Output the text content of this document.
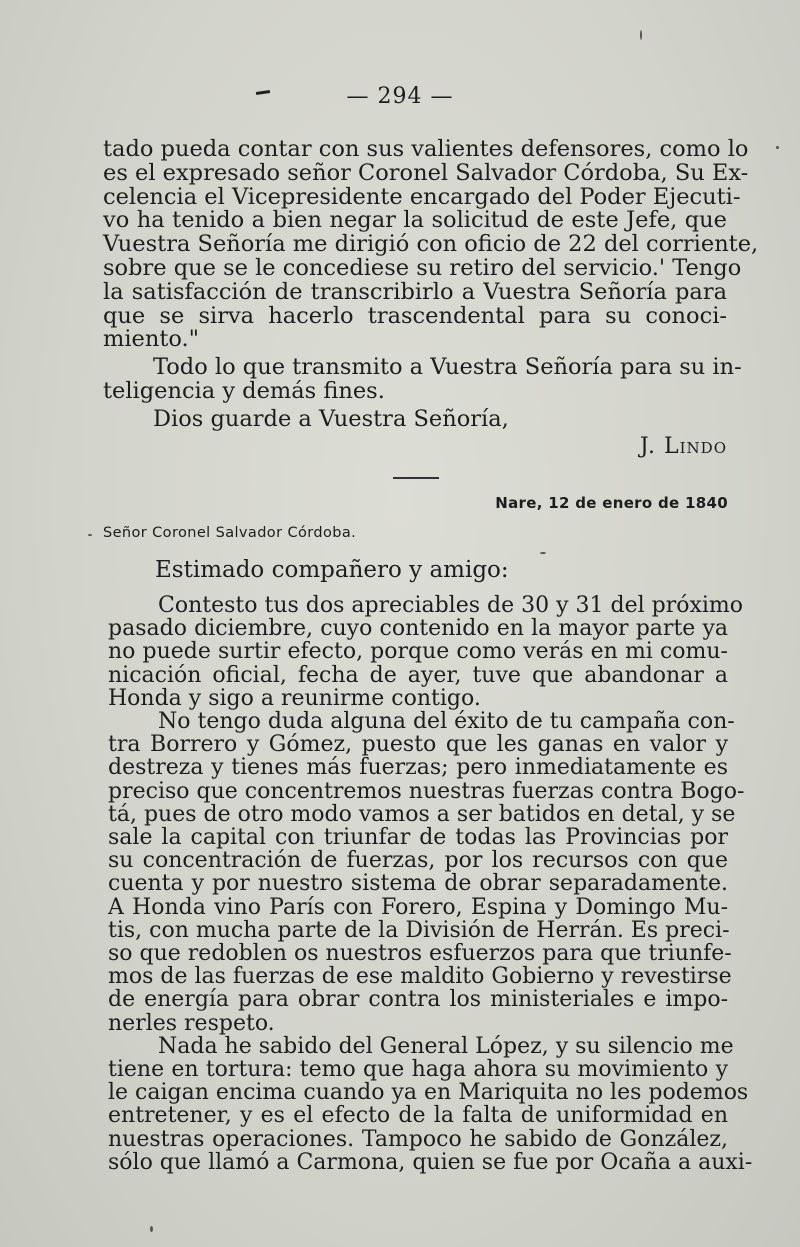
— 294 —
tado pueda contar con sus valientes defensores, como lo
es el expresado señor Coronel Salvador Córdoba, Su Ex-
celencia el Vicepresidente encargado del Poder Ejecuti-
vo ha tenido a bien negar la solicitud de este Jefe, que
Vuestra Señoría me dirigió con oficio de 22 del corriente,
sobre que se le concediese su retiro del servicio.' Tengo
la satisfacción de transcribirlo a Vuestra Señoría para
que se sirva hacerlo trascendental para su conoci-
miento."
Todo lo que transmito a Vuestra Señoría para su in-
teligencia y demás fines.
Dios guarde a Vuestra Señoría,
J. Lindo
Nare, 12 de enero de 1840
Señor Coronel Salvador Córdoba.
Estimado compañero y amigo:
Contesto tus dos apreciables de 30 y 31 del próximo
pasado diciembre, cuyo contenido en la mayor parte ya
no puede surtir efecto, porque como verás en mi comu-
nicación oficial, fecha de ayer, tuve que abandonar a
Honda y sigo a reunirme contigo.
No tengo duda alguna del éxito de tu campaña con-
tra Borrero y Gómez, puesto que les ganas en valor y
destreza y tienes más fuerzas; pero inmediatamente es
preciso que concentremos nuestras fuerzas contra Bogo-
tá, pues de otro modo vamos a ser batidos en detal, y se
sale la capital con triunfar de todas las Provincias por
su concentración de fuerzas, por los recursos con que
cuenta y por nuestro sistema de obrar separadamente.
A Honda vino París con Forero, Espina y Domingo Mu-
tis, con mucha parte de la División de Herrán. Es preci-
so que redoblen os nuestros esfuerzos para que triunfe-
mos de las fuerzas de ese maldito Gobierno y revestirse
de energía para obrar contra los ministeriales e impo-
nerles respeto.
Nada he sabido del General López, y su silencio me
tiene en tortura: temo que haga ahora su movimiento y
le caigan encima cuando ya en Mariquita no les podemos
entretener, y es el efecto de la falta de uniformidad en
nuestras operaciones. Tampoco he sabido de González,
sólo que llamó a Carmona, quien se fue por Ocaña a auxi-
